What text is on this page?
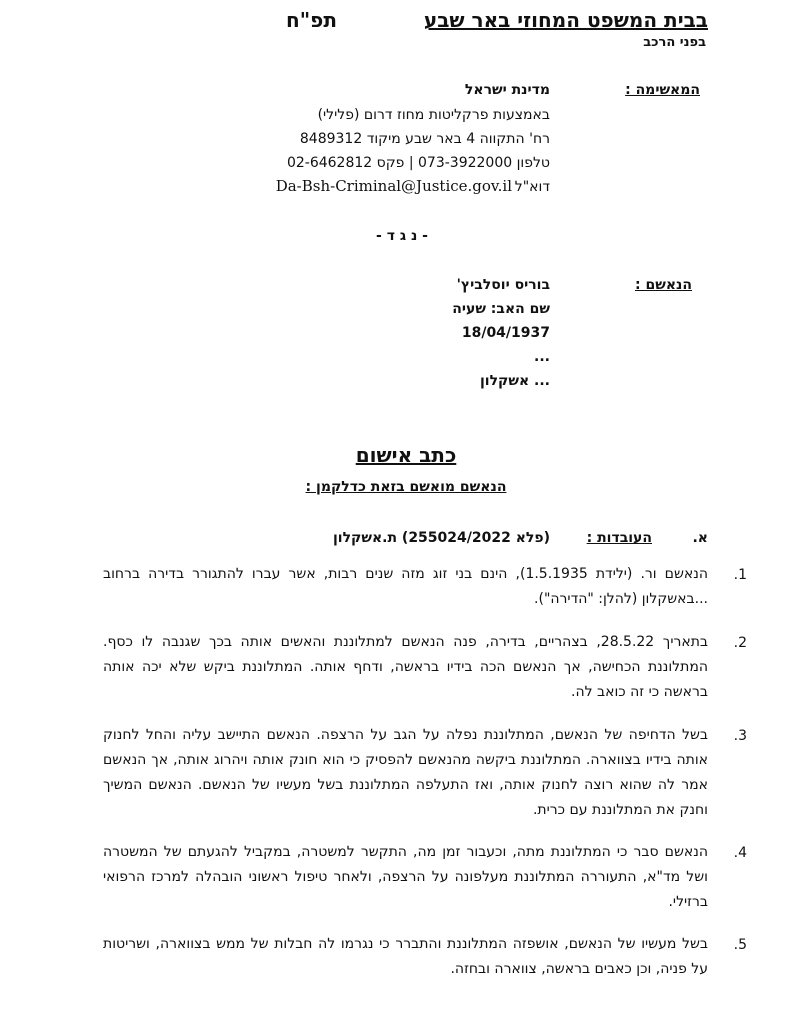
בבית המשפט המחוזי באר שבע
תפ"ח
בפני הרכב
המאשימה :
מדינת ישראל
באמצעות פרקליטות מחוז דרום (פלילי)
רח' התקווה 4 באר שבע מיקוד 8489312
טלפון 073-3922000 | פקס 02-6462812
דוא"ל
Da-Bsh-Criminal@Justice.gov.il
- נ ג ד -
הנאשם :
בוריס יוסלביץ'
שם האב: שעיה
18/04/1937
...
... אשקלון
כתב אישום
הנאשם מואשם בזאת כדלקמן :
א.
העובדות :
(פלא 255024/2022) ת.אשקלון
1.
הנאשם ור. (ילידת 1.5.1935), הינם בני זוג מזה שנים רבות, אשר עברו להתגורר בדירה ברחוב ...באשקלון (להלן: "הדירה").
2.
בתאריך 28.5.22, בצהריים, בדירה, פנה הנאשם למתלוננת והאשים אותה בכך שגנבה לו כסף. המתלוננת הכחישה, אך הנאשם הכה בידיו בראשה, ודחף אותה. המתלוננת ביקש שלא יכה אותה בראשה כי זה כואב לה.
3.
בשל הדחיפה של הנאשם, המתלוננת נפלה על הגב על הרצפה. הנאשם התיישב עליה והחל לחנוק אותה בידיו בצווארה. המתלוננת ביקשה מהנאשם להפסיק כי הוא חונק אותה ויהרוג אותה, אך הנאשם אמר לה שהוא רוצה לחנוק אותה, ואז התעלפה המתלוננת בשל מעשיו של הנאשם. הנאשם המשיך וחנק את המתלוננת עם כרית.
4.
הנאשם סבר כי המתלוננת מתה, וכעבור זמן מה, התקשר למשטרה, במקביל להגעתם של המשטרה ושל מד"א, התעוררה המתלוננת מעלפונה על הרצפה, ולאחר טיפול ראשוני הובהלה למרכז הרפואי ברזילי.
5.
בשל מעשיו של הנאשם, אושפזה המתלוננת והתברר כי נגרמו לה חבלות של ממש בצווארה, ושריטות על פניה, וכן כאבים בראשה, צווארה ובחזה.
